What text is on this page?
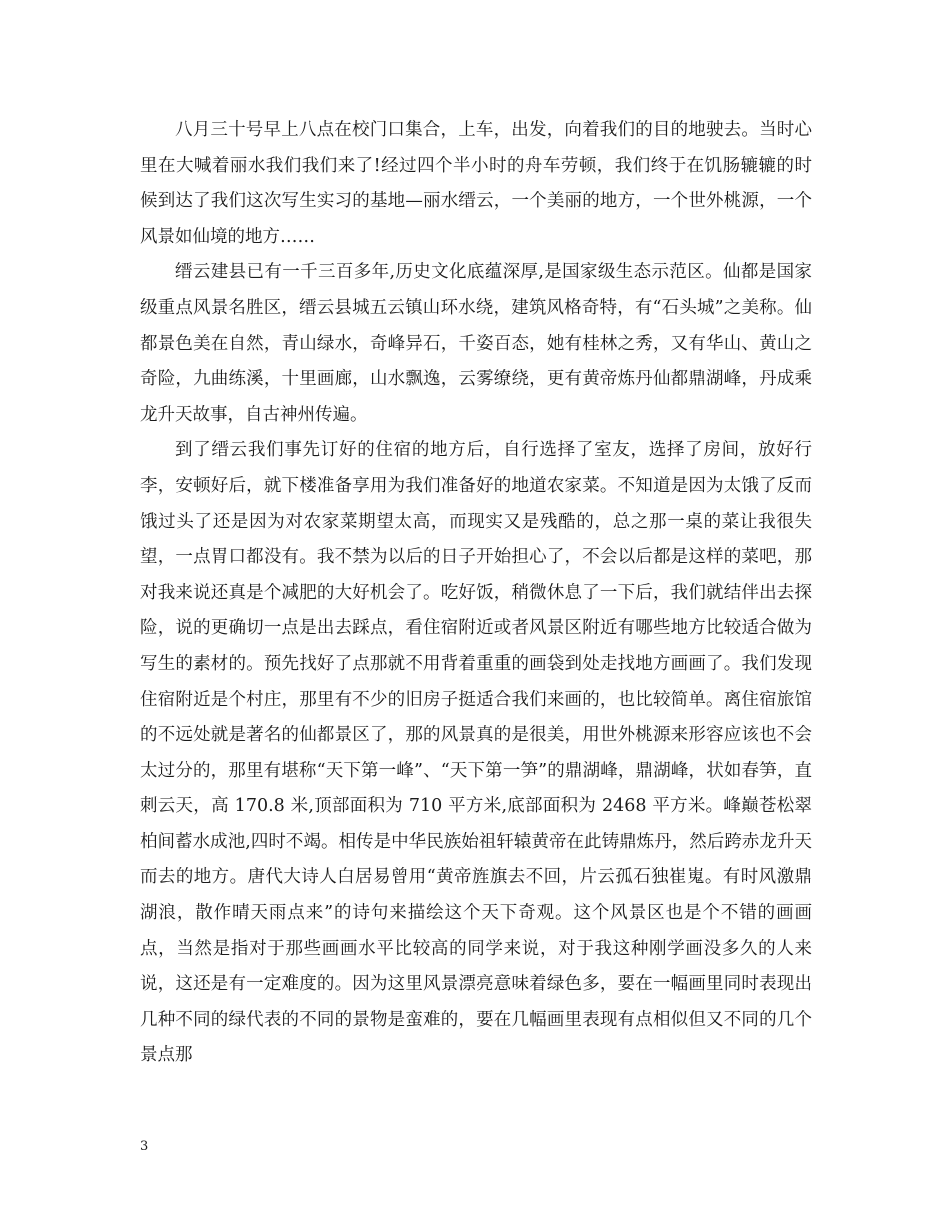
八月三十号早上八点在校门口集合，上车，出发，向着我们的目的地驶去。当时心里在大喊着丽水我们我们来了!经过四个半小时的舟车劳顿，我们终于在饥肠辘辘的时候到达了我们这次写生实习的基地—丽水缙云，一个美丽的地方，一个世外桃源，一个风景如仙境的地方……

缙云建县已有一千三百多年,历史文化底蕴深厚,是国家级生态示范区。仙都是国家级重点风景名胜区，缙云县城五云镇山环水绕，建筑风格奇特，有“石头城”之美称。仙都景色美在自然，青山绿水，奇峰异石，千姿百态，她有桂林之秀，又有华山、黄山之奇险，九曲练溪，十里画廊，山水飘逸，云雾缭绕，更有黄帝炼丹仙都鼎湖峰，丹成乘龙升天故事，自古神州传遍。

到了缙云我们事先订好的住宿的地方后，自行选择了室友，选择了房间，放好行李，安顿好后，就下楼准备享用为我们准备好的地道农家菜。不知道是因为太饿了反而饿过头了还是因为对农家菜期望太高，而现实又是残酷的，总之那一桌的菜让我很失望，一点胃口都没有。我不禁为以后的日子开始担心了，不会以后都是这样的菜吧，那对我来说还真是个减肥的大好机会了。吃好饭，稍微休息了一下后，我们就结伴出去探险，说的更确切一点是出去踩点，看住宿附近或者风景区附近有哪些地方比较适合做为写生的素材的。预先找好了点那就不用背着重重的画袋到处走找地方画画了。我们发现住宿附近是个村庄，那里有不少的旧房子挺适合我们来画的，也比较简单。离住宿旅馆的不远处就是著名的仙都景区了，那的风景真的是很美，用世外桃源来形容应该也不会太过分的，那里有堪称“天下第一峰”、“天下第一笋”的鼎湖峰，鼎湖峰，状如春笋，直刺云天，高 170.8 米,顶部面积为 710 平方米,底部面积为 2468 平方米。峰巅苍松翠柏间蓄水成池,四时不竭。相传是中华民族始祖轩辕黄帝在此铸鼎炼丹，然后跨赤龙升天而去的地方。唐代大诗人白居易曾用“黄帝旌旗去不回，片云孤石独崔嵬。有时风激鼎湖浪，散作晴天雨点来”的诗句来描绘这个天下奇观。这个风景区也是个不错的画画点，当然是指对于那些画画水平比较高的同学来说，对于我这种刚学画没多久的人来说，这还是有一定难度的。因为这里风景漂亮意味着绿色多，要在一幅画里同时表现出几种不同的绿代表的不同的景物是蛮难的，要在几幅画里表现有点相似但又不同的几个景点那

3
